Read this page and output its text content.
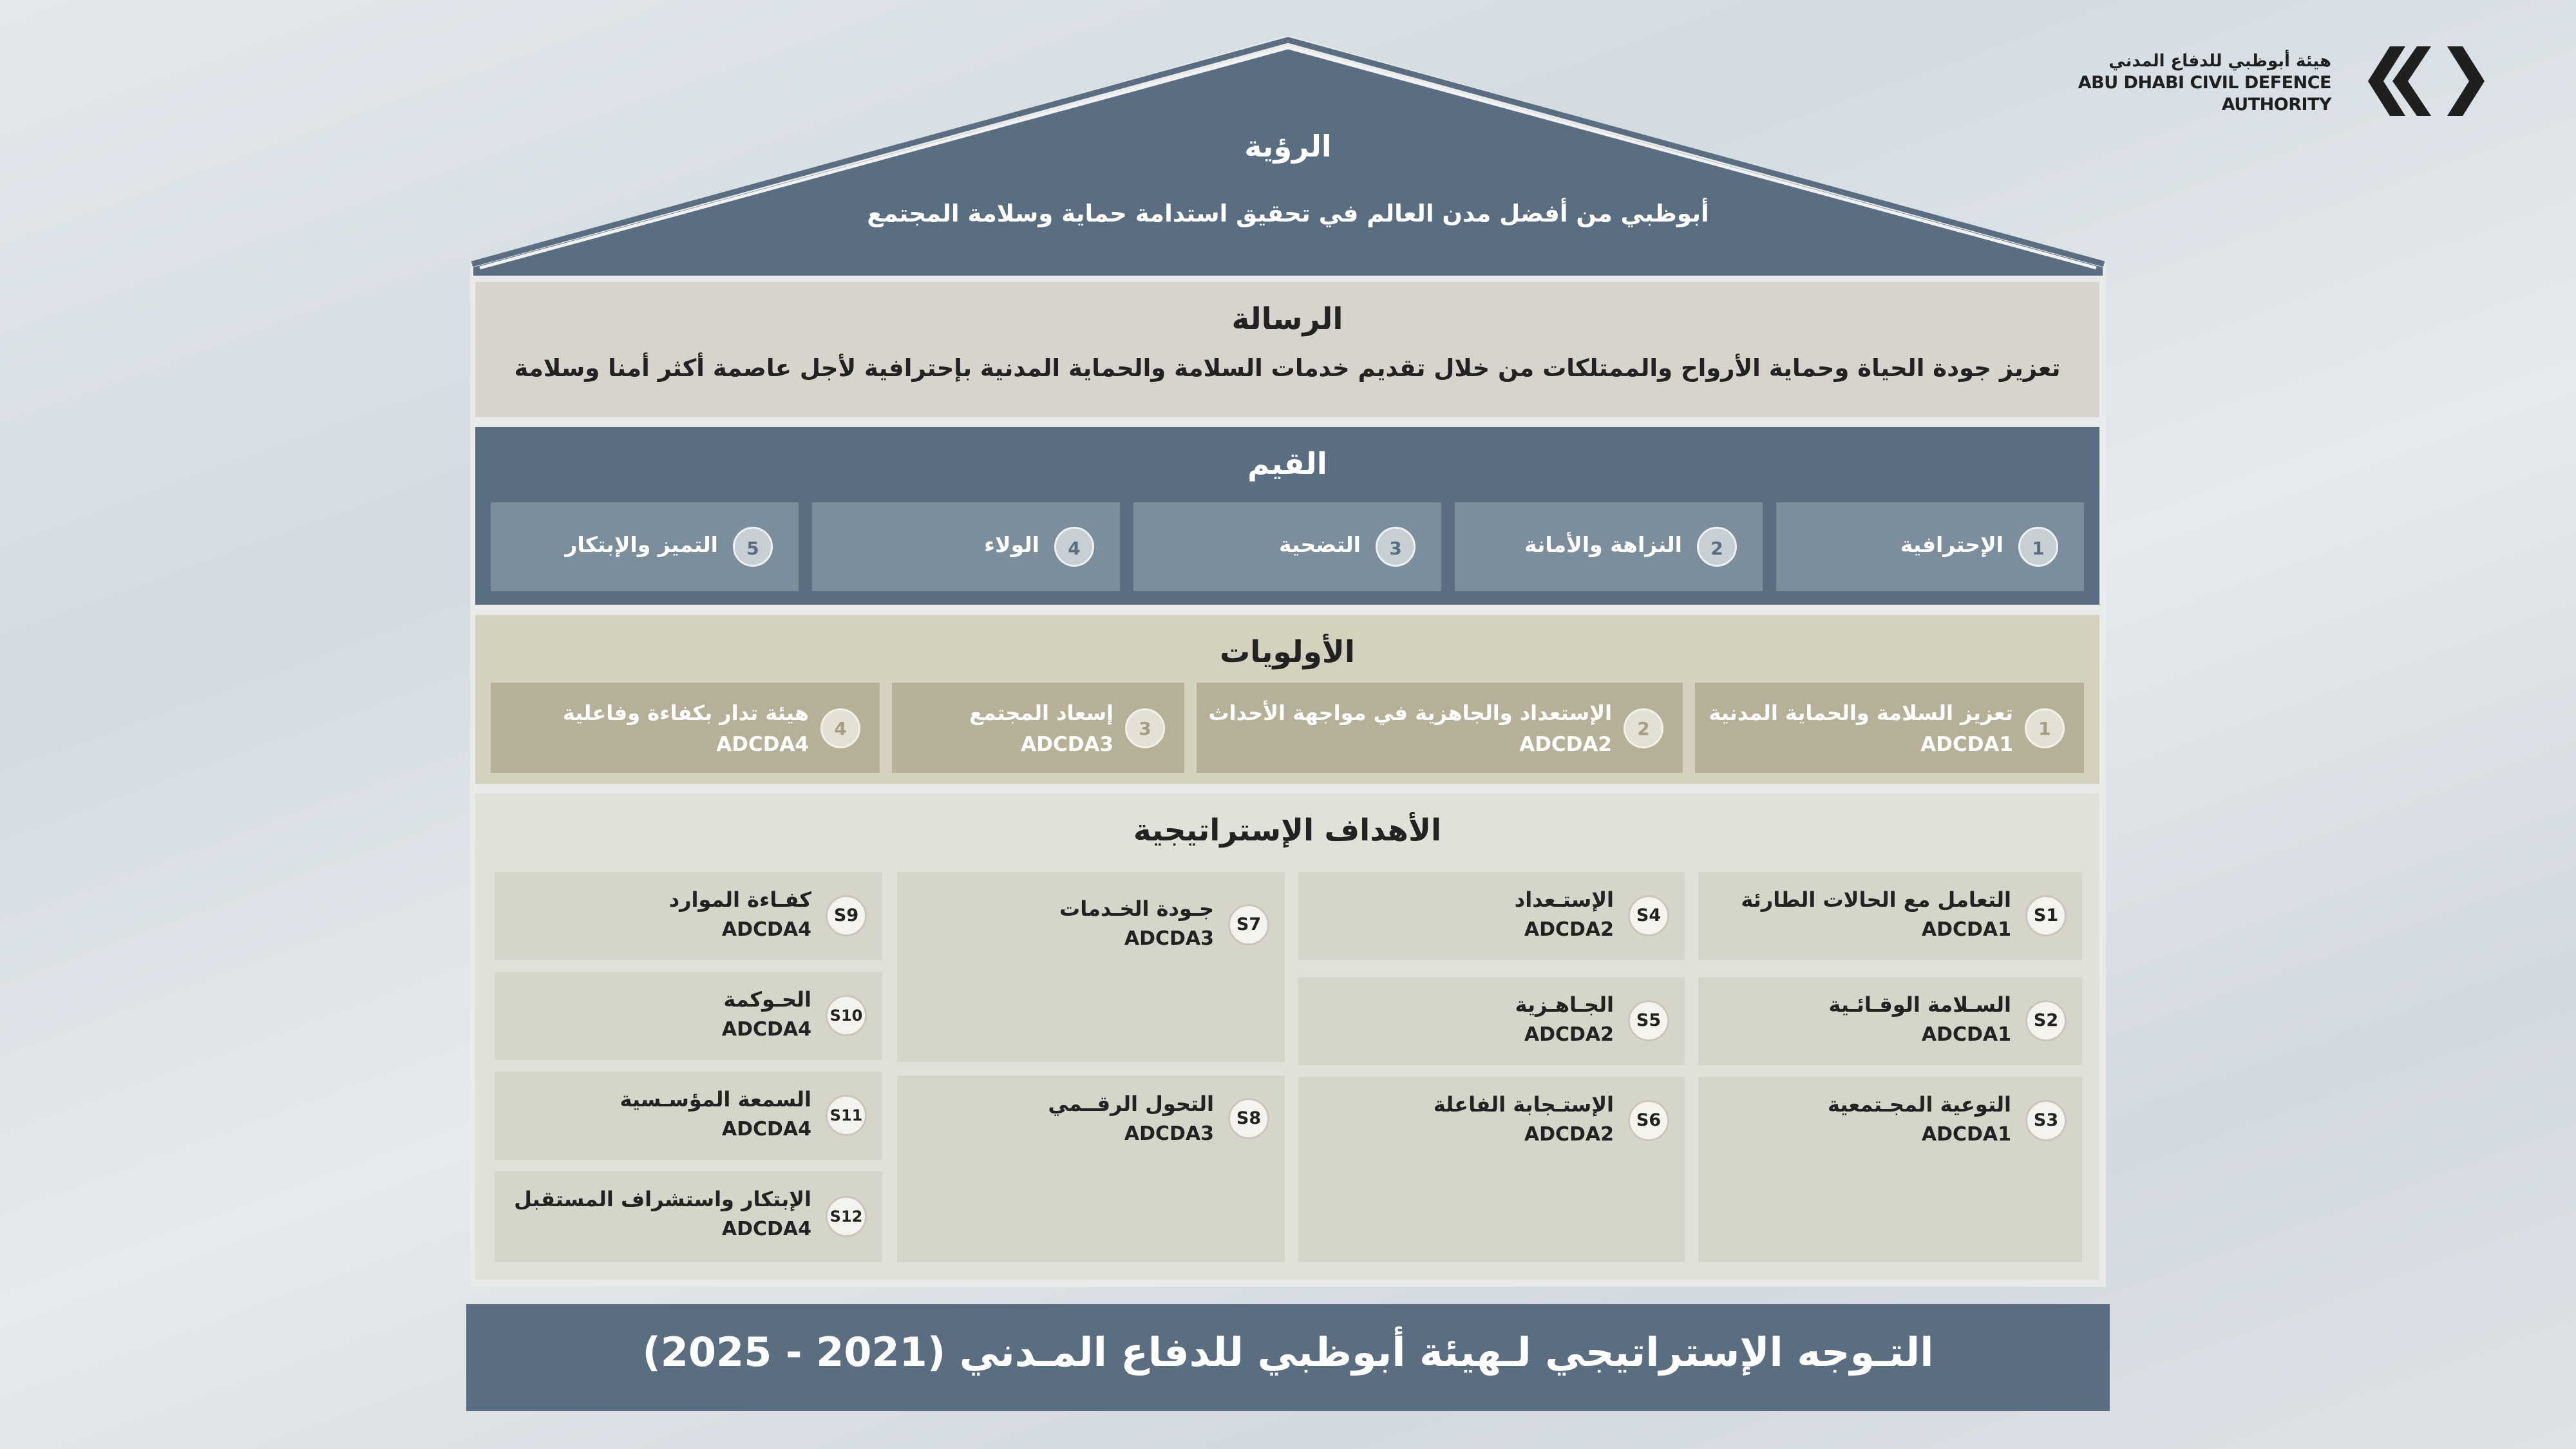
هيئة أبوظبي للدفاع المدني
ABU DHABI CIVIL DEFENCE
AUTHORITY
الرؤية
أبوظبي من أفضل مدن العالم في تحقيق استدامة حماية وسلامة المجتمع
الرسالة
تعزيز جودة الحياة وحماية الأرواح والممتلكات من خلال تقديم خدمات السلامة والحماية المدنية بإحترافية لأجل عاصمة أكثر أمنا وسلامة
القيم
1
الإحترافية
2
النزاهة والأمانة
3
التضحية
4
الولاء
5
التميز والإبتكار
الأولويات
1
تعزيز السلامة والحماية المدنية
ADCDA1
2
الإستعداد والجاهزية في مواجهة الأحداث
ADCDA2
3
إسعاد المجتمع
ADCDA3
4
هيئة تدار بكفاءة وفاعلية
ADCDA4
الأهداف الإستراتيجية
S1
التعامل مع الحالات الطارئة
ADCDA1
S2
السـلامة الوقـائـية
ADCDA1
S3
التوعية المجـتمعية
ADCDA1
S4
الإستـعداد
ADCDA2
S5
الجـاهـزية
ADCDA2
S6
الإستـجابة الفاعلة
ADCDA2
S7
جـودة الخـدمات
ADCDA3
S8
التحول الرقــمي
ADCDA3
S9
كفـاءة الموارد
ADCDA4
S10
الحـوكمة
ADCDA4
S11
السمعة المؤسـسية
ADCDA4
S12
الإبتكار واستشراف المستقبل
ADCDA4
التـوجه الإستراتيجي لـهيئة أبوظبي للدفاع المـدني (2021 - 2025)
